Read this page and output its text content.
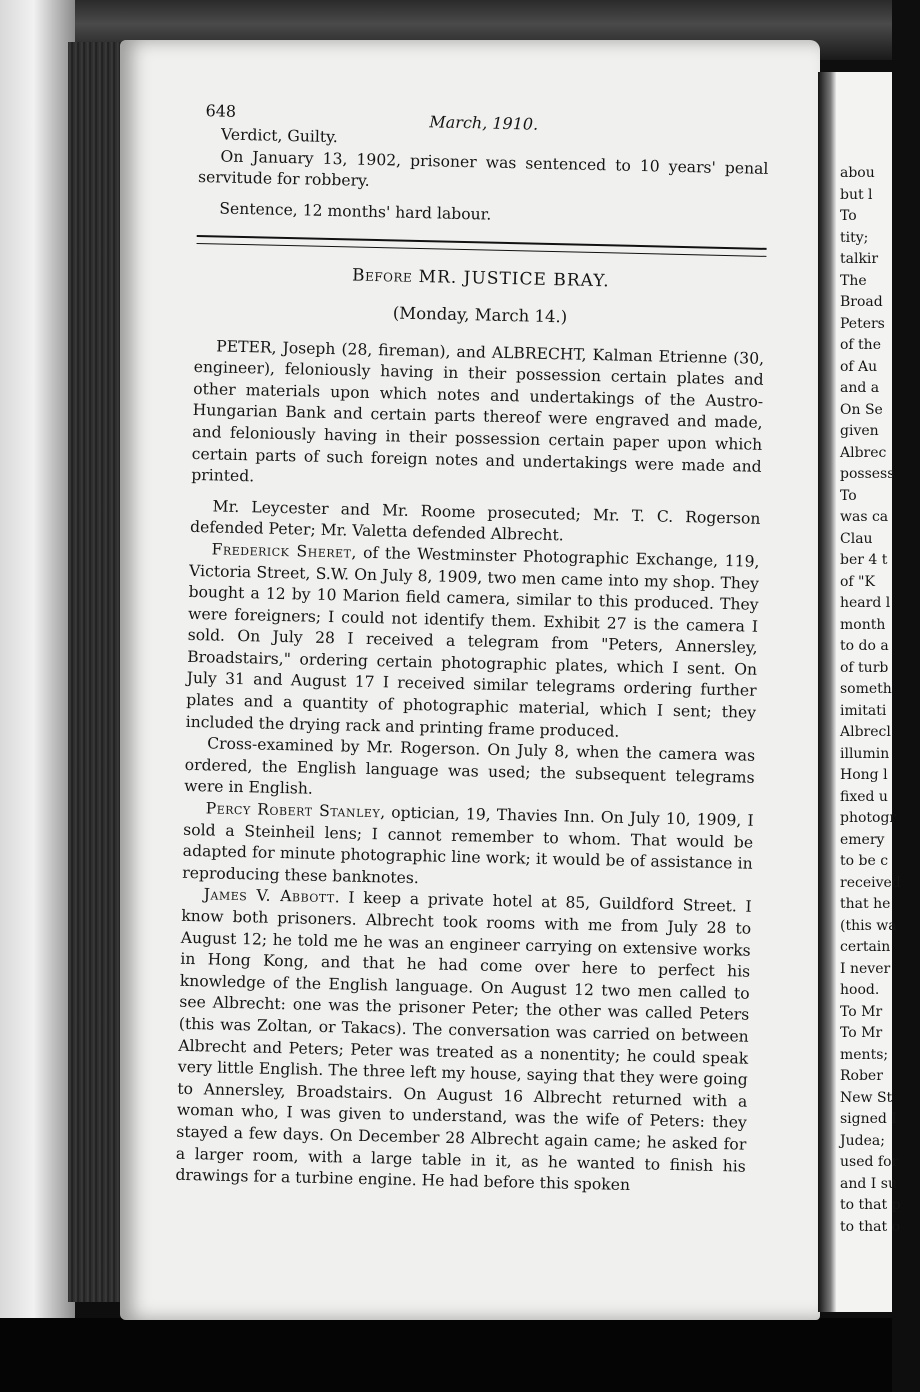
abou
but l
To
tity;
talkir
The
Broad
Peters
of the
of Au
and a
On Se
given
Albrec
possess
To
was ca
Clau
ber 4 t
of "K
heard l
month
to do a
of turb
someth
imitati
Albrecl
illumin
Hong l
fixed u
photogr
emery
to be c
received
that he
(this wa
certain
I never
hood.
To Mr
To Mr
ments;
Rober
New St
signed I
Judea;
used for
and I su
to that p
to that o
648
March, 1910.

Verdict, Guilty.

On January 13, 1902, prisoner was sentenced to 10 years' penal servitude for robbery.

Sentence, 12 months' hard labour.

Before MR. JUSTICE BRAY.
(Monday, March 14.)

PETER, Joseph (28, fireman), and ALBRECHT, Kalman Etrienne (30, engineer), feloniously having in their possession certain plates and other materials upon which notes and undertakings of the Austro-Hungarian Bank and certain parts thereof were engraved and made, and feloniously having in their possession certain paper upon which certain parts of such foreign notes and undertakings were made and printed.

Mr. Leycester and Mr. Roome prosecuted; Mr. T. C. Rogerson defended Peter; Mr. Valetta defended Albrecht.

Frederick Sheret, of the Westminster Photographic Exchange, 119, Victoria Street, S.W. On July 8, 1909, two men came into my shop. They bought a 12 by 10 Marion field camera, similar to this produced. They were foreigners; I could not identify them. Exhibit 27 is the camera I sold. On July 28 I received a telegram from "Peters, Annersley, Broadstairs," ordering certain photographic plates, which I sent. On July 31 and August 17 I received similar telegrams ordering further plates and a quantity of photographic material, which I sent; they included the drying rack and printing frame produced.

Cross-examined by Mr. Rogerson. On July 8, when the camera was ordered, the English language was used; the subsequent telegrams were in English.

Percy Robert Stanley, optician, 19, Thavies Inn. On July 10, 1909, I sold a Steinheil lens; I cannot remember to whom. That would be adapted for minute photographic line work; it would be of assistance in reproducing these banknotes.

James V. Abbott. I keep a private hotel at 85, Guildford Street. I know both prisoners. Albrecht took rooms with me from July 28 to August 12; he told me he was an engineer carrying on extensive works in Hong Kong, and that he had come over here to perfect his knowledge of the English language. On August 12 two men called to see Albrecht: one was the prisoner Peter; the other was called Peters (this was Zoltan, or Takacs). The conversation was carried on between Albrecht and Peters; Peter was treated as a nonentity; he could speak very little English. The three left my house, saying that they were going to Annersley, Broadstairs. On August 16 Albrecht returned with a woman who, I was given to understand, was the wife of Peters: they stayed a few days. On December 28 Albrecht again came; he asked for a larger room, with a large table in it, as he wanted to finish his drawings for a turbine engine. He had before this spoken
